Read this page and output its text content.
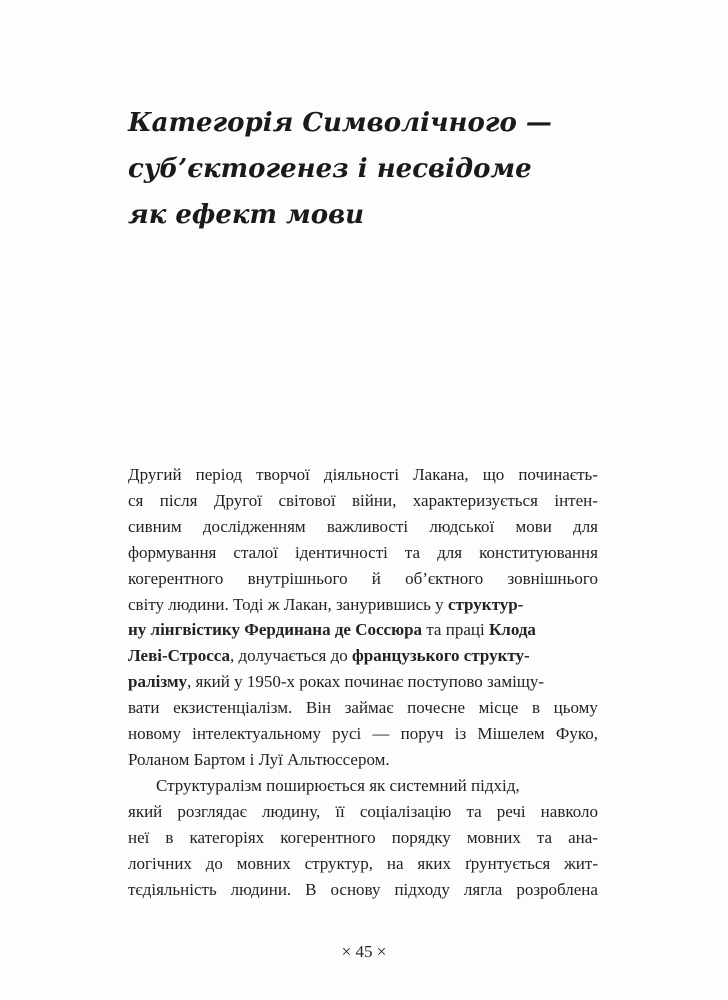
Категорія Символічного —
суб’єктогенез і несвідоме
як ефект мови
Другий період творчої діяльності Лакана, що починаєть-
ся після Другої світової війни, характеризується інтен-
сивним дослідженням важливості людської мови для
формування сталої ідентичності та для конституювання
когерентного внутрішнього й об’єктного зовнішнього
світу людини. Тоді ж Лакан, занурившись у структур-
ну лінгвістику Фердинана де Соссюра та праці Клода
Леві-Стросса, долучається до французького структу-
ралізму, який у 1950-х роках починає поступово заміщу-
вати екзистенціалізм. Він займає почесне місце в цьому
новому інтелектуальному русі — поруч із Мішелем Фуко,
Роланом Бартом і Луї Альтюссером.
Структуралізм поширюється як системний підхід,
який розглядає людину, її соціалізацію та речі навколо
неї в категоріях когерентного порядку мовних та ана-
логічних до мовних структур, на яких ґрунтується жит-
тєдіяльність людини. В основу підходу лягла розроблена
× 45 ×
